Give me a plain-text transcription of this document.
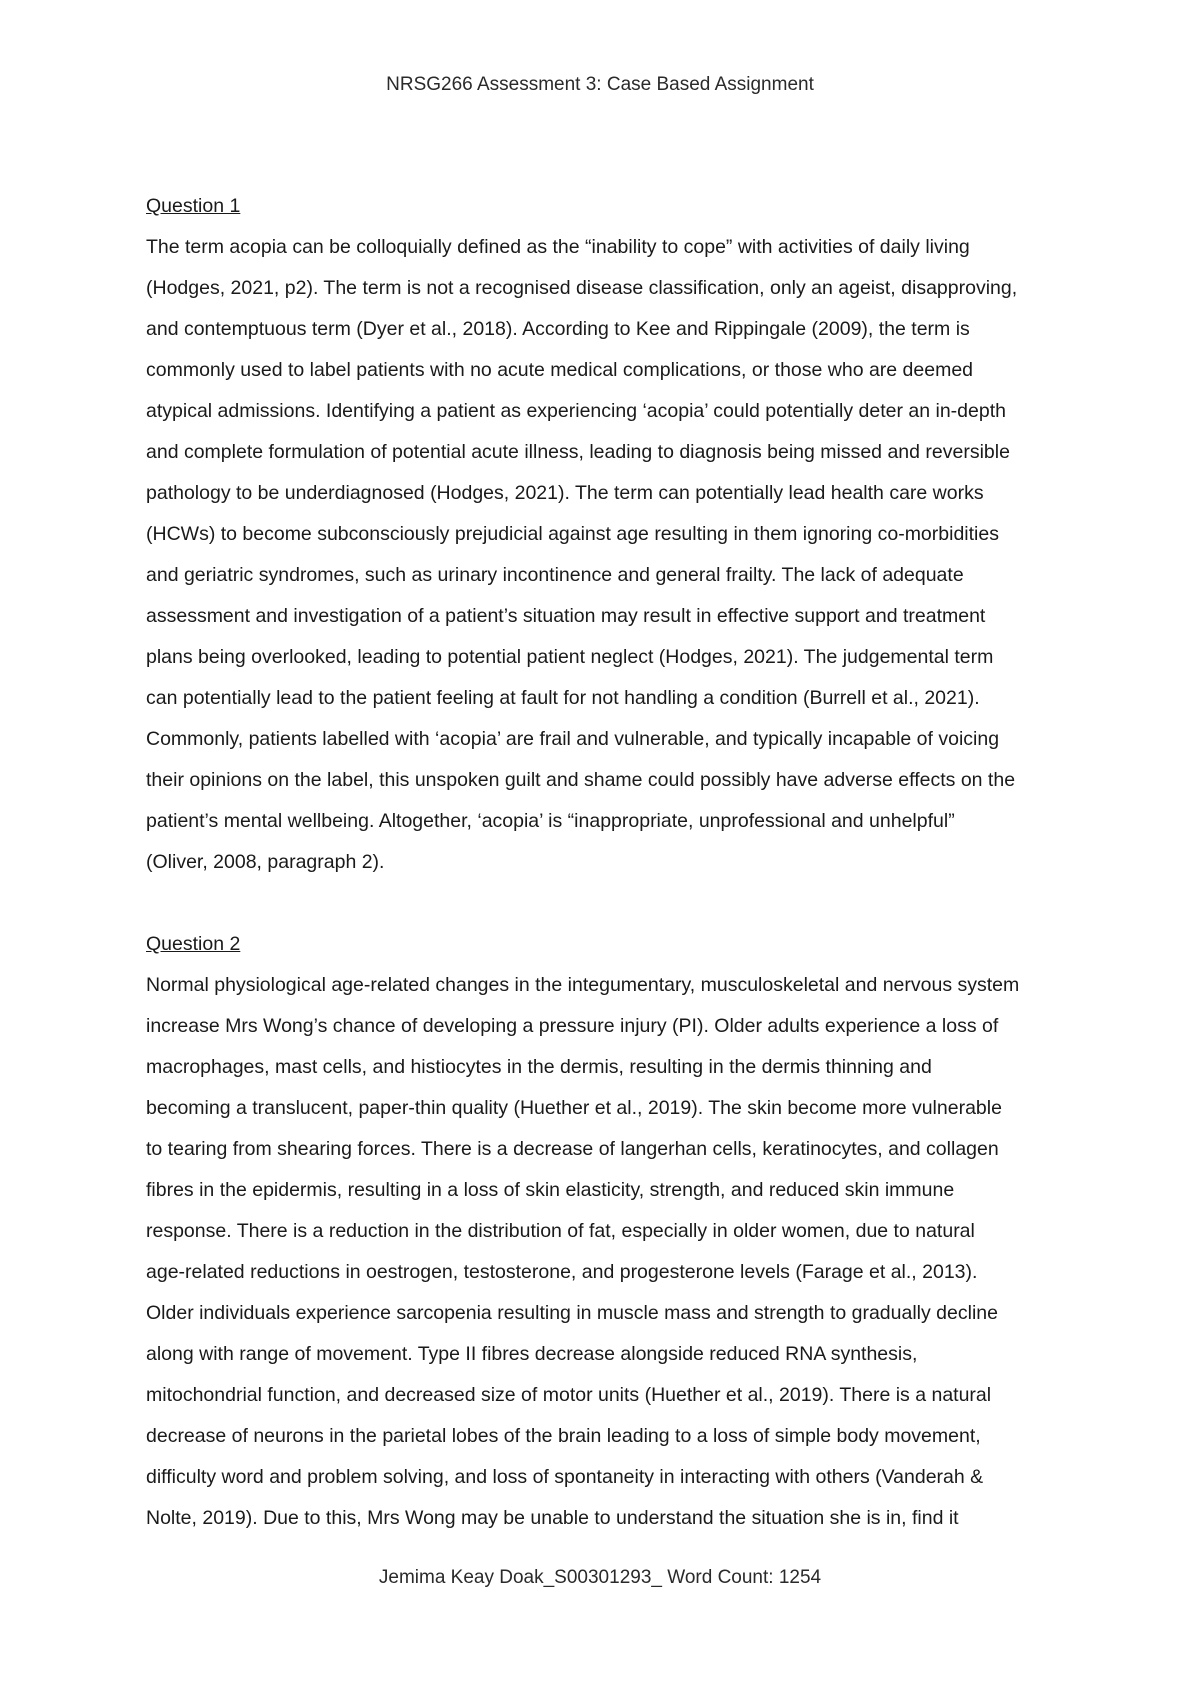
NRSG266 Assessment 3: Case Based Assignment

Question 1

The term acopia can be colloquially defined as the “inability to cope” with activities of daily living
(Hodges, 2021, p2). The term is not a recognised disease classification, only an ageist, disapproving,
and contemptuous term (Dyer et al., 2018). According to Kee and Rippingale (2009), the term is
commonly used to label patients with no acute medical complications, or those who are deemed
atypical admissions. Identifying a patient as experiencing ‘acopia’ could potentially deter an in-depth
and complete formulation of potential acute illness, leading to diagnosis being missed and reversible
pathology to be underdiagnosed (Hodges, 2021). The term can potentially lead health care works
(HCWs) to become subconsciously prejudicial against age resulting in them ignoring co-morbidities
and geriatric syndromes, such as urinary incontinence and general frailty. The lack of adequate
assessment and investigation of a patient’s situation may result in effective support and treatment
plans being overlooked, leading to potential patient neglect (Hodges, 2021). The judgemental term
can potentially lead to the patient feeling at fault for not handling a condition (Burrell et al., 2021).
Commonly, patients labelled with ‘acopia’ are frail and vulnerable, and typically incapable of voicing
their opinions on the label, this unspoken guilt and shame could possibly have adverse effects on the
patient’s mental wellbeing. Altogether, ‘acopia’ is “inappropriate, unprofessional and unhelpful”
(Oliver, 2008, paragraph 2).

Question 2

Normal physiological age-related changes in the integumentary, musculoskeletal and nervous system
increase Mrs Wong’s chance of developing a pressure injury (PI). Older adults experience a loss of
macrophages, mast cells, and histiocytes in the dermis, resulting in the dermis thinning and
becoming a translucent, paper-thin quality (Huether et al., 2019). The skin become more vulnerable
to tearing from shearing forces. There is a decrease of langerhan cells, keratinocytes, and collagen
fibres in the epidermis, resulting in a loss of skin elasticity, strength, and reduced skin immune
response. There is a reduction in the distribution of fat, especially in older women, due to natural
age-related reductions in oestrogen, testosterone, and progesterone levels (Farage et al., 2013).
Older individuals experience sarcopenia resulting in muscle mass and strength to gradually decline
along with range of movement. Type II fibres decrease alongside reduced RNA synthesis,
mitochondrial function, and decreased size of motor units (Huether et al., 2019). There is a natural
decrease of neurons in the parietal lobes of the brain leading to a loss of simple body movement,
difficulty word and problem solving, and loss of spontaneity in interacting with others (Vanderah &
Nolte, 2019). Due to this, Mrs Wong may be unable to understand the situation she is in, find it
Jemima Keay Doak_S00301293_ Word Count: 1254
